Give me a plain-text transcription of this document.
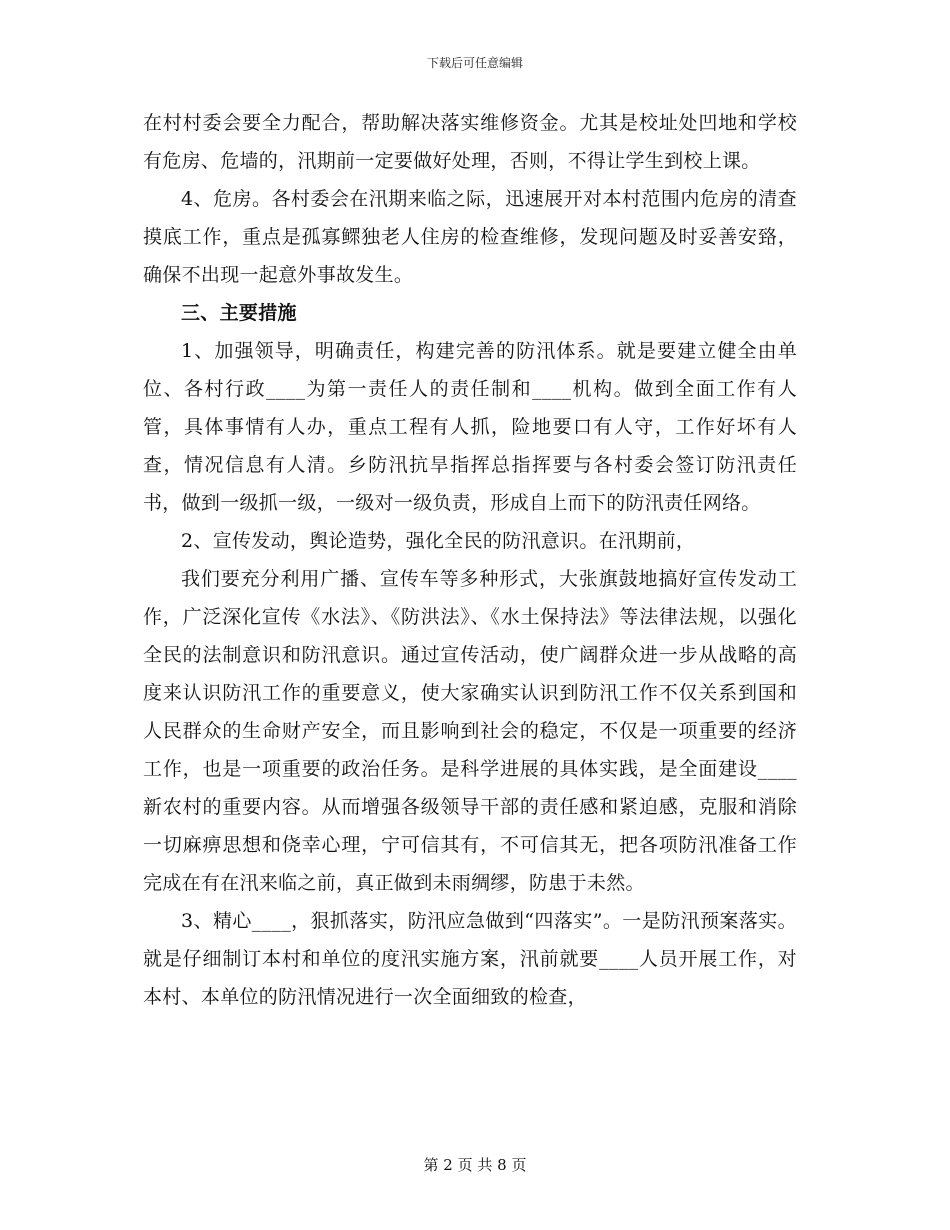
下载后可任意编辑

在村村委会要全力配合，帮助解决落实维修资金。尤其是校址处凹地和学校有危房、危墙的，汛期前一定要做好处理，否则，不得让学生到校上课。

4、危房。各村委会在汛期来临之际，迅速展开对本村范围内危房的清查摸底工作，重点是孤寡鳏独老人住房的检查维修，发现问题及时妥善安臵，确保不出现一起意外事故发生。

三、主要措施

1、加强领导，明确责任，构建完善的防汛体系。就是要建立健全由单位、各村行政____为第一责任人的责任制和____机构。做到全面工作有人管，具体事情有人办，重点工程有人抓，险地要口有人守，工作好坏有人查，情况信息有人清。乡防汛抗旱指挥总指挥要与各村委会签订防汛责任书，做到一级抓一级，一级对一级负责，形成自上而下的防汛责任网络。

2、宣传发动，舆论造势，强化全民的防汛意识。在汛期前，

我们要充分利用广播、宣传车等多种形式，大张旗鼓地搞好宣传发动工作，广泛深化宣传《水法》、《防洪法》、《水土保持法》等法律法规，以强化全民的法制意识和防汛意识。通过宣传活动，使广阔群众进一步从战略的高度来认识防汛工作的重要意义，使大家确实认识到防汛工作不仅关系到国和人民群众的生命财产安全，而且影响到社会的稳定，不仅是一项重要的经济工作，也是一项重要的政治任务。是科学进展的具体实践，是全面建设____新农村的重要内容。从而增强各级领导干部的责任感和紧迫感，克服和消除一切麻痹思想和侥幸心理，宁可信其有，不可信其无，把各项防汛准备工作完成在有在汛来临之前，真正做到未雨绸缪，防患于未然。

3、精心____，狠抓落实，防汛应急做到“四落实”。一是防汛预案落实。就是仔细制订本村和单位的度汛实施方案，汛前就要____人员开展工作，对本村、本单位的防汛情况进行一次全面细致的检查，

第 2 页 共 8 页
